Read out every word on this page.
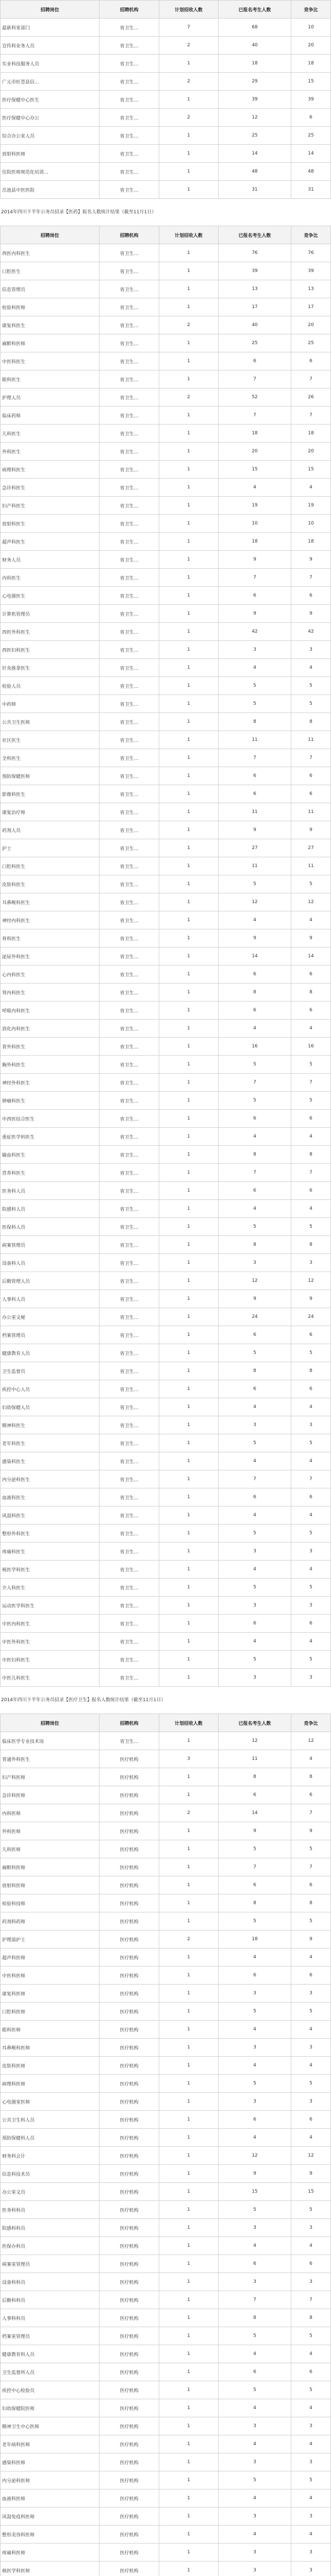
招聘岗位	招聘机构	计划招收人数	已报名考生人数	竞争比
最新科室部门	省卫生…	7	68	10
宣传科业务人员	省卫生…	2	40	20
实业科技服务人员	省卫生…	1	18	18
广元市旺苍县信…	省卫生…	2	29	15
医疗保健中心医生	省卫生…	1	39	39
医疗保健中心办公	省卫生…	2	12	6
综合办公室人员	省卫生…	1	25	25
放射科医师	省卫生…	1	14	14
住院医师规范化培训…	省卫生…	1	48	48
岳池县中医医院	省卫生…	1	31	31

2014年四川下半年公务员招录【医药】报名人数统计结果（截至11月1日）

招聘岗位	招聘机构	计划招收人数	已报名考生人数	竞争比
西医内科医生	省卫生…	1	76	76
口腔医生	省卫生…	1	39	39
信息管理员	省卫生…	1	13	13
检验科医师	省卫生…	1	17	17
康复科医生	省卫生…	2	40	20
麻醉科医师	省卫生…	1	25	25
中医科医生	省卫生…	1	6	6
眼科医生	省卫生…	1	7	7
护理人员	省卫生…	2	52	26
临床药师	省卫生…	1	7	7
儿科医生	省卫生…	1	18	18
外科医生	省卫生…	1	20	20
病理科医生	省卫生…	1	15	15
急诊科医生	省卫生…	1	4	4
妇产科医生	省卫生…	1	19	19
放射科医生	省卫生…	1	10	10
超声科医生	省卫生…	1	18	18
财务人员	省卫生…	1	9	9
内科医生	省卫生…	1	7	7
心电图医生	省卫生…	1	6	6
计算机管理员	省卫生…	1	9	9
西医外科医生	省卫生…	1	42	42
西医妇科医生	省卫生…	1	3	3
针灸推拿医生	省卫生…	1	4	4
检验人员	省卫生…	1	5	5
中药师	省卫生…	1	5	5
公共卫生医师	省卫生…	1	8	8
社区医生	省卫生…	1	11	11
全科医生	省卫生…	1	7	7
预防保健医师	省卫生…	1	6	6
影像科医生	省卫生…	1	6	6
康复治疗师	省卫生…	1	11	11
药剂人员	省卫生…	1	9	9
护士	省卫生…	1	27	27
口腔科医生	省卫生…	1	11	11
皮肤科医生	省卫生…	1	5	5
耳鼻喉科医生	省卫生…	1	12	12
神经内科医生	省卫生…	1	4	4
骨科医生	省卫生…	1	9	9
泌尿外科医生	省卫生…	1	14	14
心内科医生	省卫生…	1	6	6
肾内科医生	省卫生…	1	8	8
呼吸内科医生	省卫生…	1	6	6
消化内科医生	省卫生…	1	4	4
普外科医生	省卫生…	1	16	16
胸外科医生	省卫生…	1	5	5
神经外科医生	省卫生…	1	7	7
肿瘤科医生	省卫生…	1	5	5
中西医结合医生	省卫生…	1	6	6
重症医学科医生	省卫生…	1	4	4
输血科医生	省卫生…	1	8	8
营养科医生	省卫生…	1	7	7
医务科人员	省卫生…	1	6	6
院感科人员	省卫生…	1	4	4
医保科人员	省卫生…	1	5	5
病案管理员	省卫生…	1	8	8
设备科人员	省卫生…	1	3	3
后勤管理人员	省卫生…	1	12	12
人事科人员	省卫生…	1	9	9
办公室文秘	省卫生…	1	24	24
档案管理员	省卫生…	1	6	6
健康教育人员	省卫生…	1	5	5
卫生监督员	省卫生…	1	8	8
疾控中心人员	省卫生…	1	6	6
妇幼保健人员	省卫生…	1	4	4
精神科医生	省卫生…	1	3	3
老年科医生	省卫生…	1	5	5
感染科医生	省卫生…	1	4	4
内分泌科医生	省卫生…	1	7	7
血液科医生	省卫生…	1	6	6
风湿科医生	省卫生…	1	4	4
整形外科医生	省卫生…	1	5	5
疼痛科医生	省卫生…	1	3	3
核医学科医生	省卫生…	1	4	4
介入科医生	省卫生…	1	5	5
运动医学科医生	省卫生…	1	3	3
中医内科医生	省卫生…	1	6	6
中医外科医生	省卫生…	1	4	4
中医妇科医生	省卫生…	1	5	5
中医儿科医生	省卫生…	1	3	3

2014年四川下半年公务员招录【医疗卫生】报名人数统计结果（截至11月1日）

招聘岗位	招聘机构	计划招收人数	已报名考生人数	竞争比
临床医学专业技术岗	省卫生…	1	12	12
普通外科医生	医疗机构	3	11	4
妇产科医师	医疗机构	1	8	8
急诊科医师	医疗机构	1	6	6
内科医师	医疗机构	2	14	7
外科医师	医疗机构	1	9	9
儿科医师	医疗机构	1	5	5
麻醉科医师	医疗机构	1	7	7
放射科医师	医疗机构	1	6	6
检验科技师	医疗机构	1	8	8
药剂科药师	医疗机构	1	5	5
护理部护士	医疗机构	2	18	9
超声科医师	医疗机构	1	4	4
中医科医师	医疗机构	1	6	6
康复科医师	医疗机构	1	3	3
口腔科医师	医疗机构	1	5	5
眼科医师	医疗机构	1	4	4
耳鼻喉科医师	医疗机构	1	3	3
皮肤科医师	医疗机构	1	4	4
病理科医师	医疗机构	1	5	5
心电图室医师	医疗机构	1	3	3
公共卫生科人员	医疗机构	1	6	6
预防保健科人员	医疗机构	1	4	4
财务科会计	医疗机构	1	12	12
信息科技术员	医疗机构	1	9	9
办公室文员	医疗机构	1	15	15
医务科科员	医疗机构	1	5	5
院感科科员	医疗机构	1	3	3
医保办科员	医疗机构	1	4	4
病案室管理员	医疗机构	1	6	6
设备科科员	医疗机构	1	3	3
后勤科科员	医疗机构	1	7	7
人事科科员	医疗机构	1	8	8
档案室管理员	医疗机构	1	5	5
健康教育科人员	医疗机构	1	4	4
卫生监督所人员	医疗机构	1	6	6
疾控中心检验员	医疗机构	1	5	5
妇幼保健院医师	医疗机构	1	4	4
精神卫生中心医师	医疗机构	1	3	3
老年病科医师	医疗机构	1	4	4
感染科医师	医疗机构	1	3	3
内分泌科医师	医疗机构	1	5	5
血液科医师	医疗机构	1	4	4
风湿免疫科医师	医疗机构	1	3	3
整形美容科医师	医疗机构	1	4	4
疼痛科医师	医疗机构	1	3	3
核医学科医师	医疗机构	1	3	3
